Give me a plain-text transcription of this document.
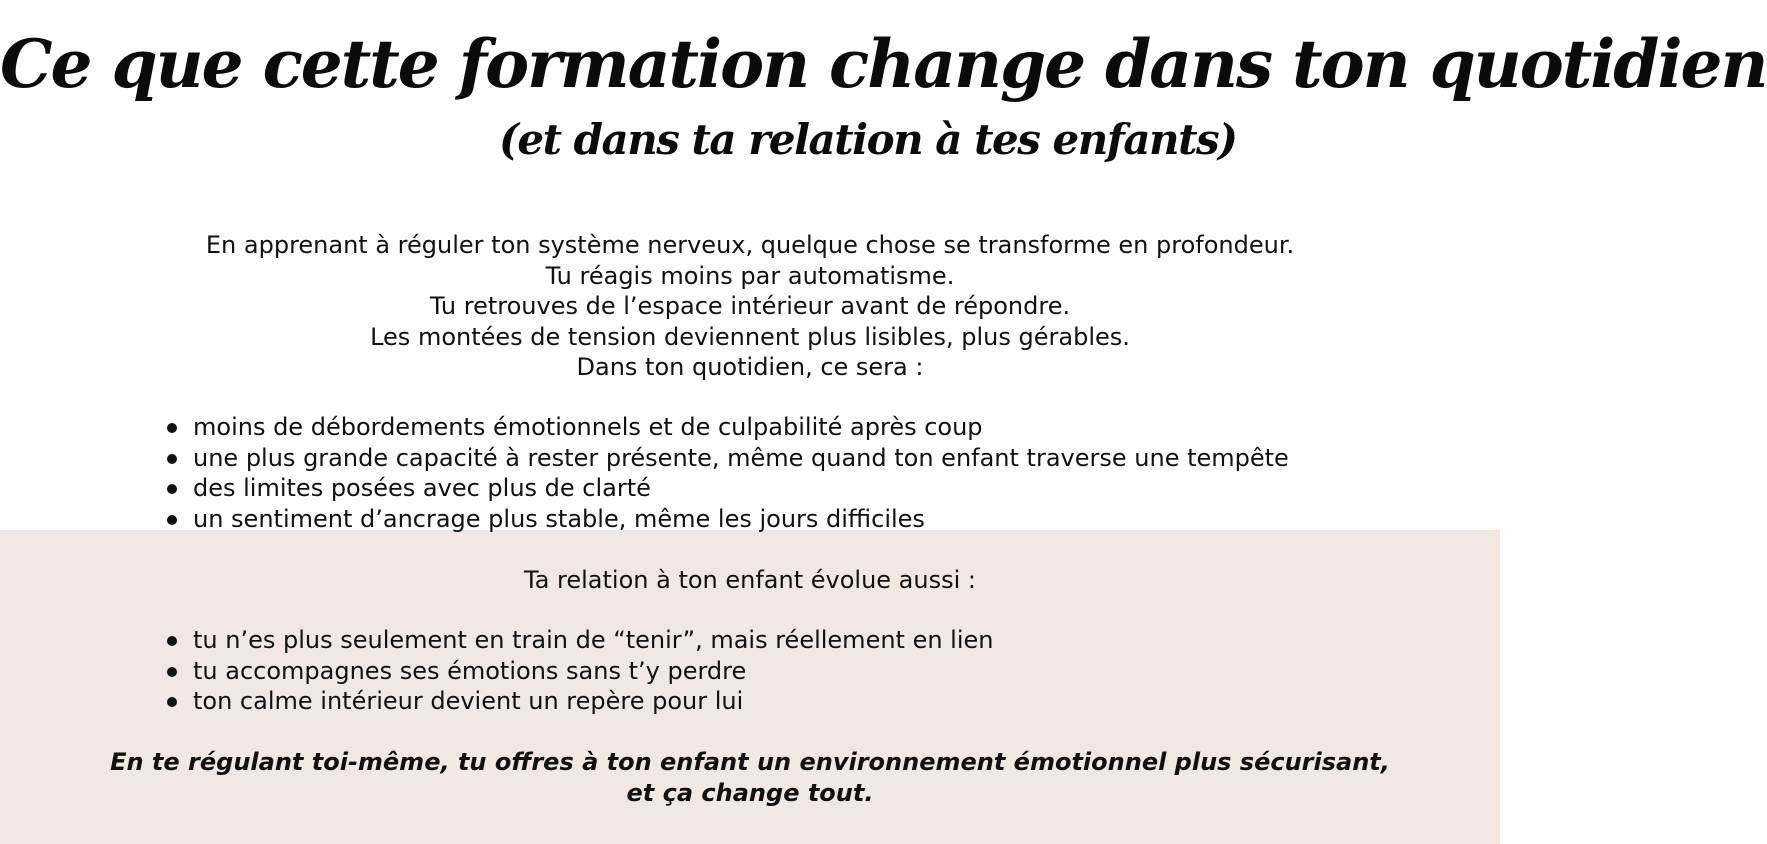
Ce que cette formation change dans ton quotidien
(et dans ta relation à tes enfants)
En apprenant à réguler ton système nerveux, quelque chose se transforme en profondeur.
Tu réagis moins par automatisme.
Tu retrouves de l’espace intérieur avant de répondre.
Les montées de tension deviennent plus lisibles, plus gérables.
Dans ton quotidien, ce sera :
moins de débordements émotionnels et de culpabilité après coup
une plus grande capacité à rester présente, même quand ton enfant traverse une tempête
des limites posées avec plus de clarté
un sentiment d’ancrage plus stable, même les jours difficiles
Ta relation à ton enfant évolue aussi :
tu n’es plus seulement en train de “tenir”, mais réellement en lien
tu accompagnes ses émotions sans t’y perdre
ton calme intérieur devient un repère pour lui
En te régulant toi-même, tu offres à ton enfant un environnement émotionnel plus sécurisant,
et ça change tout.
